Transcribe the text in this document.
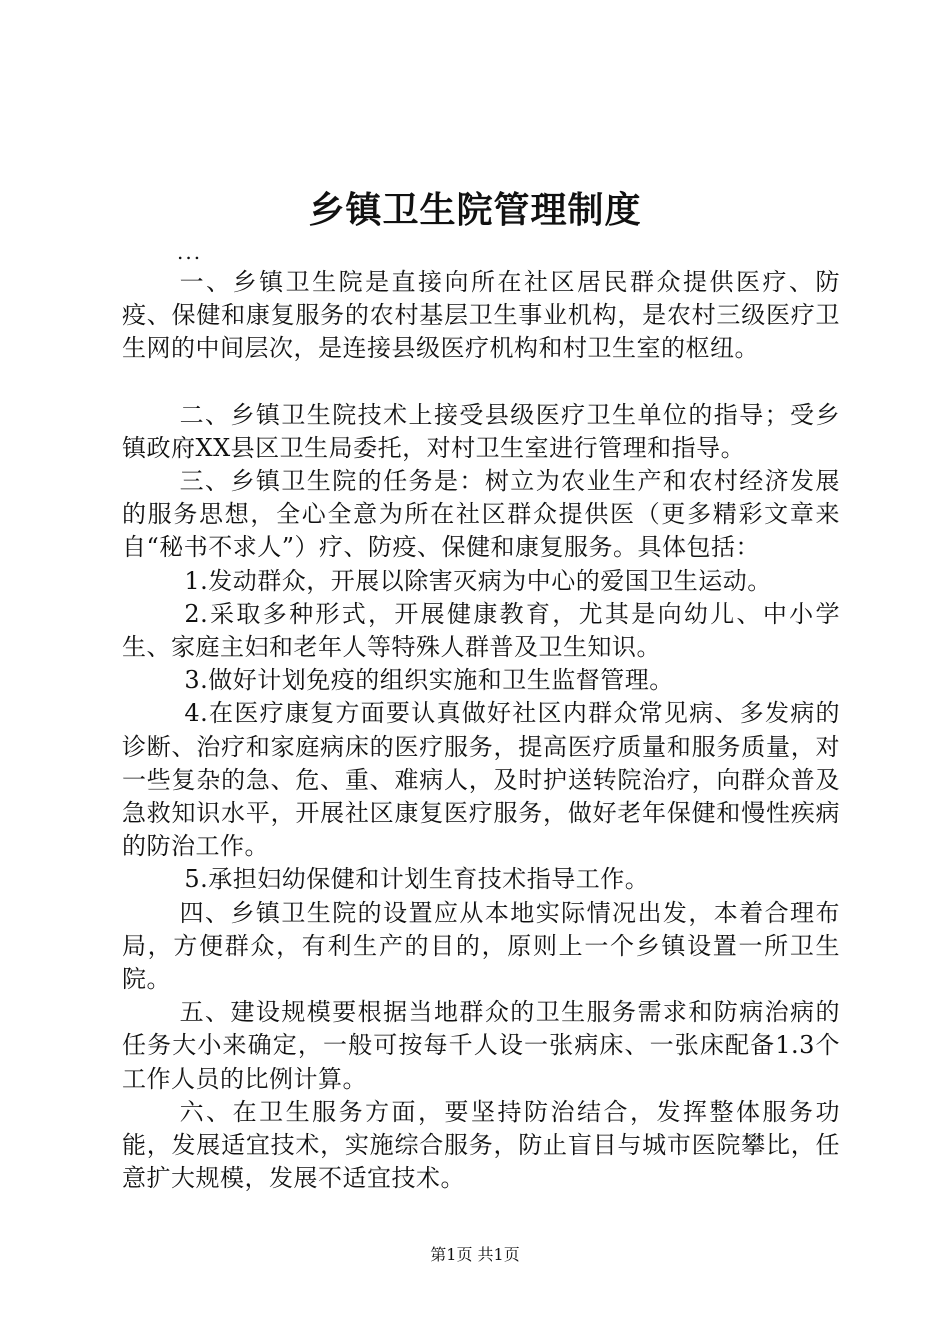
乡镇卫生院管理制度
...

一、乡镇卫生院是直接向所在社区居民群众提供医疗、防疫、保健和康复服务的农村基层卫生事业机构，是农村三级医疗卫生网的中间层次，是连接县级医疗机构和村卫生室的枢纽。

二、乡镇卫生院技术上接受县级医疗卫生单位的指导；受乡镇政府XX县区卫生局委托，对村卫生室进行管理和指导。

三、乡镇卫生院的任务是：树立为农业生产和农村经济发展的服务思想，全心全意为所在社区群众提供医（更多精彩文章来自“秘书不求人”）疗、防疫、保健和康复服务。具体包括：

1.发动群众，开展以除害灭病为中心的爱国卫生运动。

2.采取多种形式，开展健康教育，尤其是向幼儿、中小学生、家庭主妇和老年人等特殊人群普及卫生知识。

3.做好计划免疫的组织实施和卫生监督管理。

4.在医疗康复方面要认真做好社区内群众常见病、多发病的诊断、治疗和家庭病床的医疗服务，提高医疗质量和服务质量，对一些复杂的急、危、重、难病人，及时护送转院治疗，向群众普及急救知识水平，开展社区康复医疗服务，做好老年保健和慢性疾病的防治工作。

5.承担妇幼保健和计划生育技术指导工作。

四、乡镇卫生院的设置应从本地实际情况出发，本着合理布局，方便群众，有利生产的目的，原则上一个乡镇设置一所卫生院。

五、建设规模要根据当地群众的卫生服务需求和防病治病的任务大小来确定，一般可按每千人设一张病床、一张床配备1.3个工作人员的比例计算。

六、在卫生服务方面，要坚持防治结合，发挥整体服务功能，发展适宜技术，实施综合服务，防止盲目与城市医院攀比，任意扩大规模，发展不适宜技术。

第1页 共1页
